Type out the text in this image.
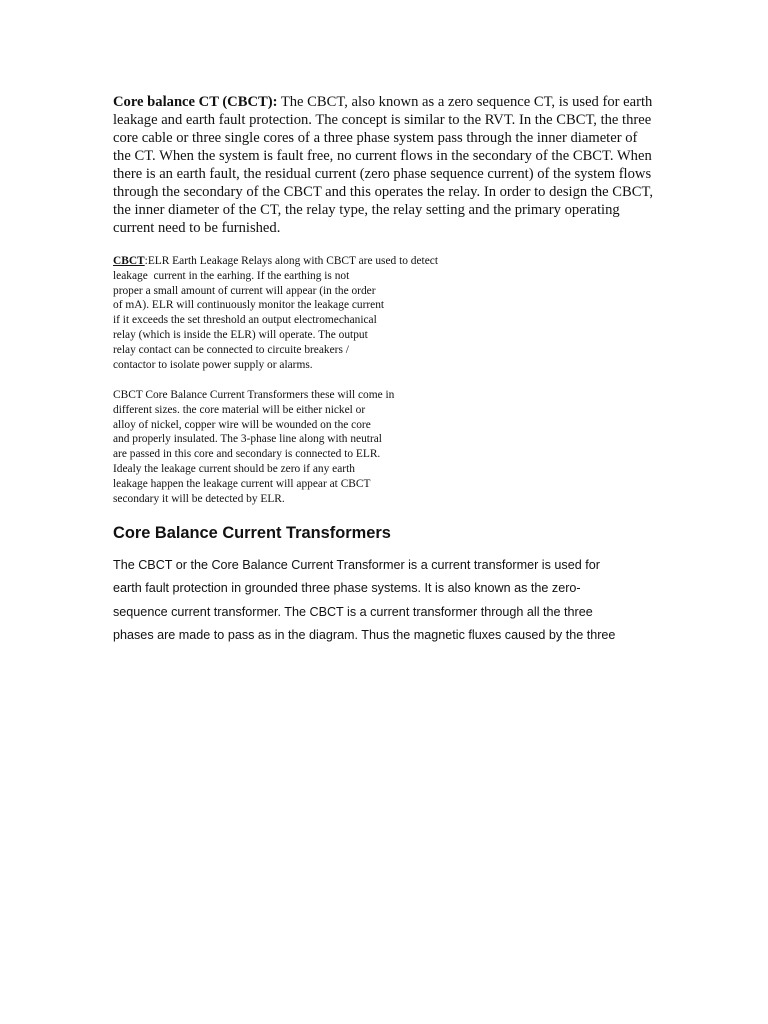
Core balance CT (CBCT): The CBCT, also known as a zero sequence CT, is used for earth leakage and earth fault protection. The concept is similar to the RVT. In the CBCT, the three core cable or three single cores of a three phase system pass through the inner diameter of the CT. When the system is fault free, no current flows in the secondary of the CBCT. When there is an earth fault, the residual current (zero phase sequence current) of the system flows through the secondary of the CBCT and this operates the relay. In order to design the CBCT, the inner diameter of the CT, the relay type, the relay setting and the primary operating current need to be furnished.

CBCT:ELR Earth Leakage Relays along with CBCT are used to detect
leakage  current in the earhing. If the earthing is not
proper a small amount of current will appear (in the order
of mA). ELR will continuously monitor the leakage current
if it exceeds the set threshold an output electromechanical
relay (which is inside the ELR) will operate. The output
relay contact can be connected to circuite breakers /
contactor to isolate power supply or alarms.
CBCT Core Balance Current Transformers these will come in
different sizes. the core material will be either nickel or
alloy of nickel, copper wire will be wounded on the core
and properly insulated. The 3-phase line along with neutral
are passed in this core and secondary is connected to ELR.
Idealy the leakage current should be zero if any earth
leakage happen the leakage current will appear at CBCT
secondary it will be detected by ELR.
Core Balance Current Transformers
The CBCT or the Core Balance Current Transformer is a current transformer is used for
earth fault protection in grounded three phase systems. It is also known as the zero-
sequence current transformer. The CBCT is a current transformer through all the three
phases are made to pass as in the diagram. Thus the magnetic fluxes caused by the three
